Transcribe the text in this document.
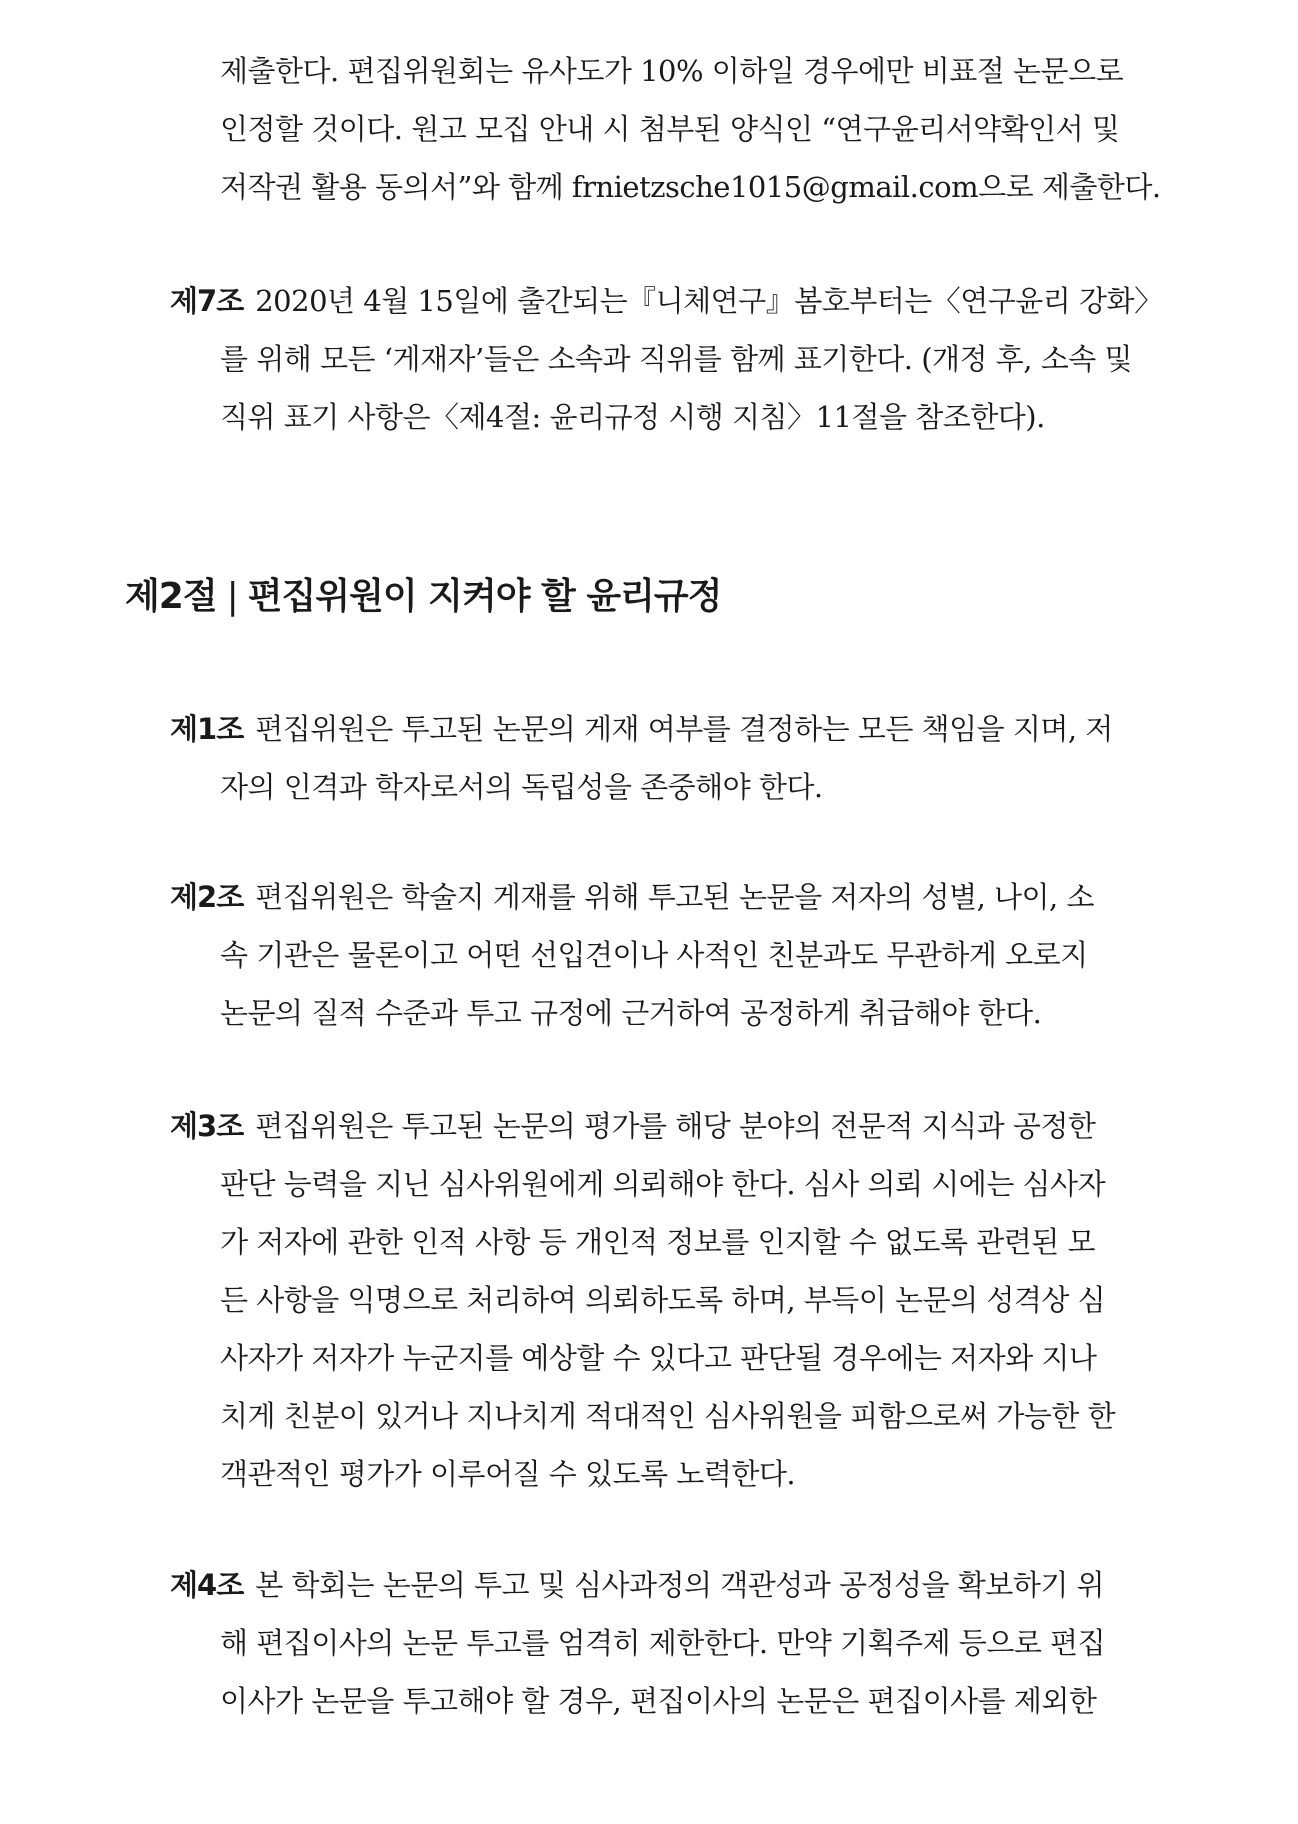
제출한다. 편집위원회는 유사도가 10% 이하일 경우에만 비표절 논문으로
인정할 것이다. 원고 모집 안내 시 첨부된 양식인 “연구윤리서약확인서 및
저작권 활용 동의서”와 함께 frnietzsche1015@gmail.com으로 제출한다.
제7조 2020년 4월 15일에 출간되는『니체연구』봄호부터는〈연구윤리 강화〉
를 위해 모든 ‘게재자’들은 소속과 직위를 함께 표기한다. (개정 후, 소속 및
직위 표기 사항은〈제4절: 윤리규정 시행 지침〉11절을 참조한다).
제2절 | 편집위원이 지켜야 할 윤리규정
제1조 편집위원은 투고된 논문의 게재 여부를 결정하는 모든 책임을 지며, 저
자의 인격과 학자로서의 독립성을 존중해야 한다.
제2조 편집위원은 학술지 게재를 위해 투고된 논문을 저자의 성별, 나이, 소
속 기관은 물론이고 어떤 선입견이나 사적인 친분과도 무관하게 오로지
논문의 질적 수준과 투고 규정에 근거하여 공정하게 취급해야 한다.
제3조 편집위원은 투고된 논문의 평가를 해당 분야의 전문적 지식과 공정한
판단 능력을 지닌 심사위원에게 의뢰해야 한다. 심사 의뢰 시에는 심사자
가 저자에 관한 인적 사항 등 개인적 정보를 인지할 수 없도록 관련된 모
든 사항을 익명으로 처리하여 의뢰하도록 하며, 부득이 논문의 성격상 심
사자가 저자가 누군지를 예상할 수 있다고 판단될 경우에는 저자와 지나
치게 친분이 있거나 지나치게 적대적인 심사위원을 피함으로써 가능한 한
객관적인 평가가 이루어질 수 있도록 노력한다.
제4조 본 학회는 논문의 투고 및 심사과정의 객관성과 공정성을 확보하기 위
해 편집이사의 논문 투고를 엄격히 제한한다. 만약 기획주제 등으로 편집
이사가 논문을 투고해야 할 경우, 편집이사의 논문은 편집이사를 제외한
